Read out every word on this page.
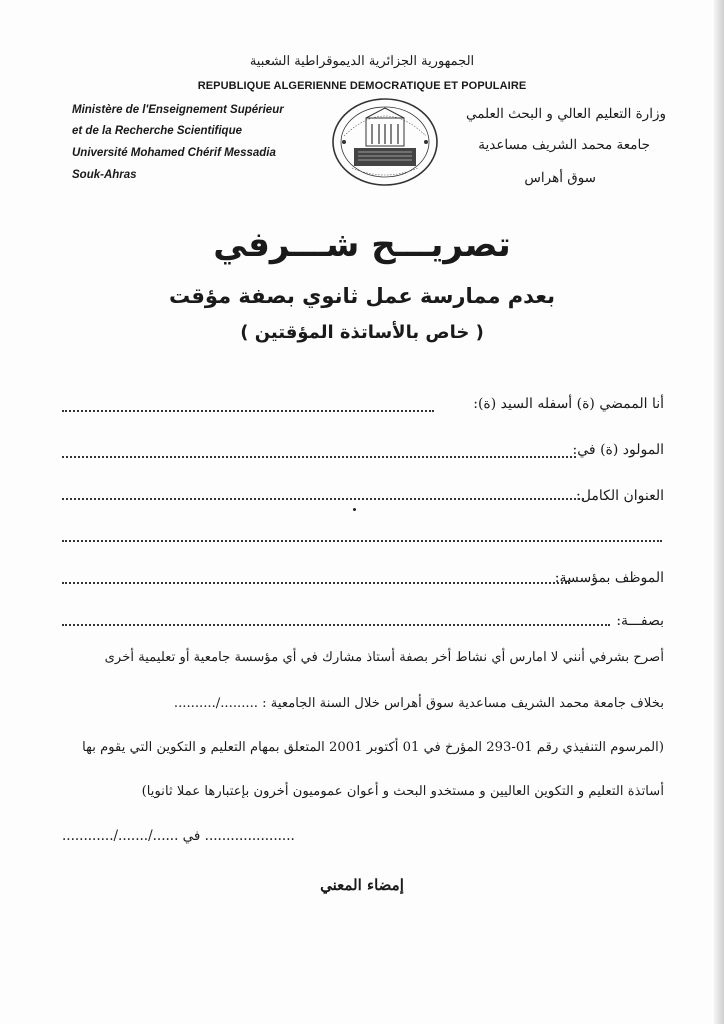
الجمهورية الجزائرية الديموقراطية الشعبية
REPUBLIQUE ALGERIENNE DEMOCRATIQUE ET POPULAIRE
Ministère de l'Enseignement Supérieur
et de la Recherche Scientifique
Université Mohamed Chérif Messadia
Souk-Ahras
وزارة التعليم العالي و البحث العلمي
جامعة محمد الشريف مساعدية
سوق أهراس
تصريـــح شـــرفي
بعدم ممارسة عمل ثانوي بصفة مؤقت
( خاص بالأساتذة المؤقتين )
أنا الممضي (ة) أسفله السيد (ة):
المولود (ة) في:
العنوان الكامل:
الموظف بمؤسسة:
بصفـــة:
أصرح بشرفي أنني لا امارس أي نشاط أخر بصفة أستاذ مشارك في أي مؤسسة جامعية أو تعليمية أخرى
بخلاف جامعة محمد الشريف مساعدية سوق أهراس خلال السنة الجامعية : ........./..........
(المرسوم التنفيذي رقم 01-293 المؤرخ في 01 أكتوبر 2001 المتعلق بمهام التعليم و التكوين التي يقوم بها
أساتذة التعليم و التكوين العاليين و مستخدو البحث و أعوان عموميون أخرون بإعتبارها عملا ثانويا)
............/......./...... في .....................
إمضاء المعني
